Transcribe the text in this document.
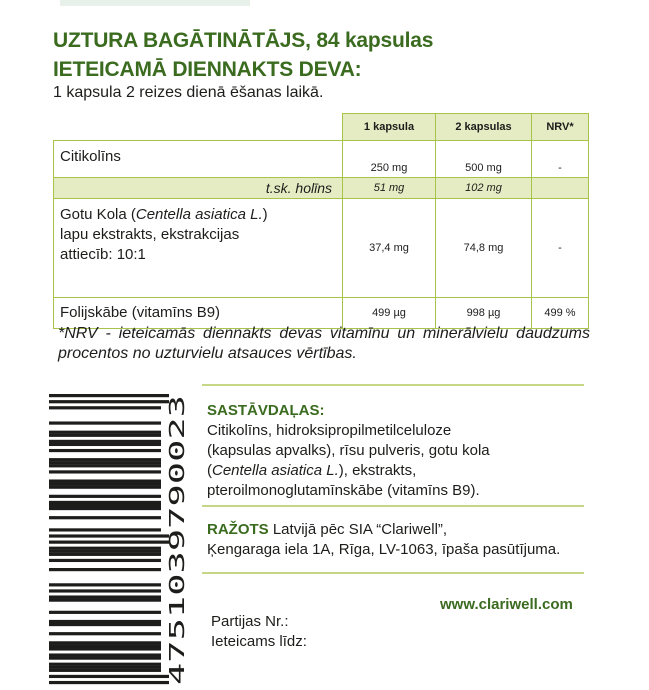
UZTURA BAGĀTINĀTĀJS, 84 kapsulas
IETEICAMĀ DIENNAKTS DEVA:
1 kapsula 2 reizes dienā ēšanas laikā.
	1 kapsula	2 kapsulas	NRV*
Citikolīns	250 mg	500 mg	-
t.sk. holīns	51 mg	102 mg	

Gotu Kola (Centella asiatica L.)
lapu ekstrakts, ekstrakcijas
attiecīb: 10:1	37,4 mg	74,8 mg	-
Folijskābe (vitamīns B9)	499 µg	998 µg	499 %
*NRV - ieteicamās diennakts devas vitamīnu un minerālvielu daudzums procentos no uzturvielu atsauces vērtības.
SASTĀVDAĻAS:
Citikolīns, hidroksipropilmetilceluloze
(kapsulas apvalks), rīsu pulveris, gotu kola
(Centella asiatica L.), ekstrakts,
pteroilmonoglutamīnskābe (vitamīns B9).
RAŽOTS Latvijā pēc SIA “Clariwell”,
Ķengaraga iela 1A, Rīga, LV-1063, īpaša pasūtījuma.
www.clariwell.com
Partijas Nr.:
Ieteicams līdz:
4751039790023
